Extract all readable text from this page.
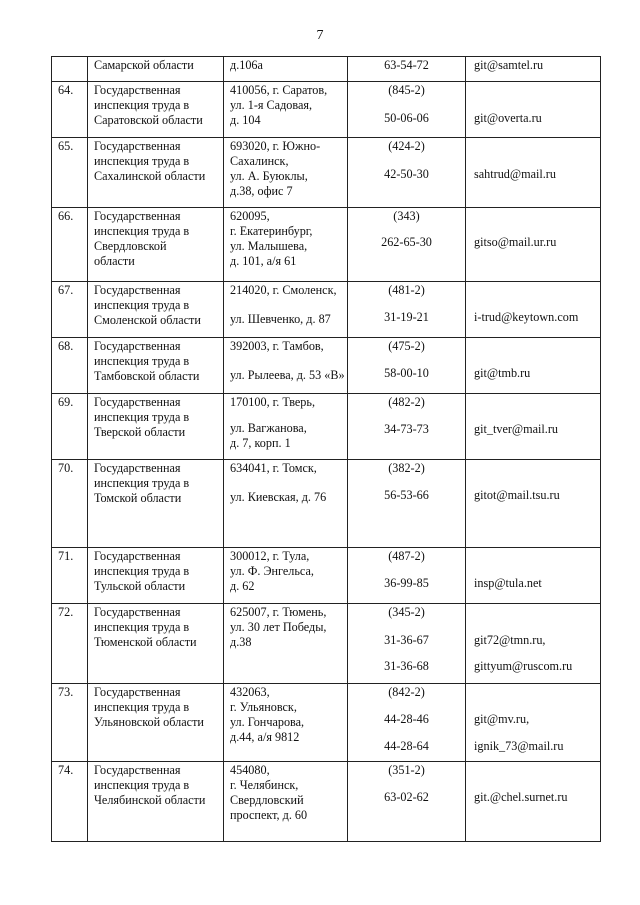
7

	Самарской области	д.106а	63-54-72	git@samtel.ru

64.	Государственная
инспекция труда в
Саратовской области	410056, г. Саратов,
ул. 1-я Садовая,
д. 104	(845-2)
50-06-06	git@overta.ru

65.	Государственная
инспекция труда в
Сахалинской области	693020, г. Южно-
Сахалинск,
ул. А. Буюклы,
д.38, офис 7	(424-2)
42-50-30	sahtrud@mail.ru

66.	Государственная
инспекция труда в
Свердловской
области	620095,
г. Екатеринбург,
ул. Малышева,
д. 101, а/я 61	(343)
262-65-30	gitso@mail.ur.ru

67.	Государственная
инспекция труда в
Смоленской области	214020, г. Смоленск,
ул. Шевченко, д. 87	(481-2)
31-19-21	i-trud@keytown.com

68.	Государственная
инспекция труда в
Тамбовской области	392003, г. Тамбов,
ул. Рылеева, д. 53 «В»	(475-2)
58-00-10	git@tmb.ru

69.	Государственная
инспекция труда в
Тверской области	170100, г. Тверь,
ул. Вагжанова,
д. 7, корп. 1	(482-2)
34-73-73	git_tver@mail.ru

70.	Государственная
инспекция труда в
Томской области	634041, г. Томск,
ул. Киевская, д. 76	(382-2)
56-53-66	gitot@mail.tsu.ru

71.	Государственная
инспекция труда в
Тульской области	300012, г. Тула,
ул. Ф. Энгельса,
д. 62	(487-2)
36-99-85	insp@tula.net

72.	Государственная
инспекция труда в
Тюменской области	625007, г. Тюмень,
ул. 30 лет Победы,
д.38	(345-2)
31-36-67
31-36-68	git72@tmn.ru,
gittyum@ruscom.ru

73.	Государственная
инспекция труда в
Ульяновской области	432063,
г. Ульяновск,
ул. Гончарова,
д.44, а/я 9812	(842-2)
44-28-46
44-28-64	git@mv.ru,
ignik_73@mail.ru

74.	Государственная
инспекция труда в
Челябинской области	454080,
г. Челябинск,
Свердловский
проспект, д. 60	(351-2)
63-02-62	git.@chel.surnet.ru
